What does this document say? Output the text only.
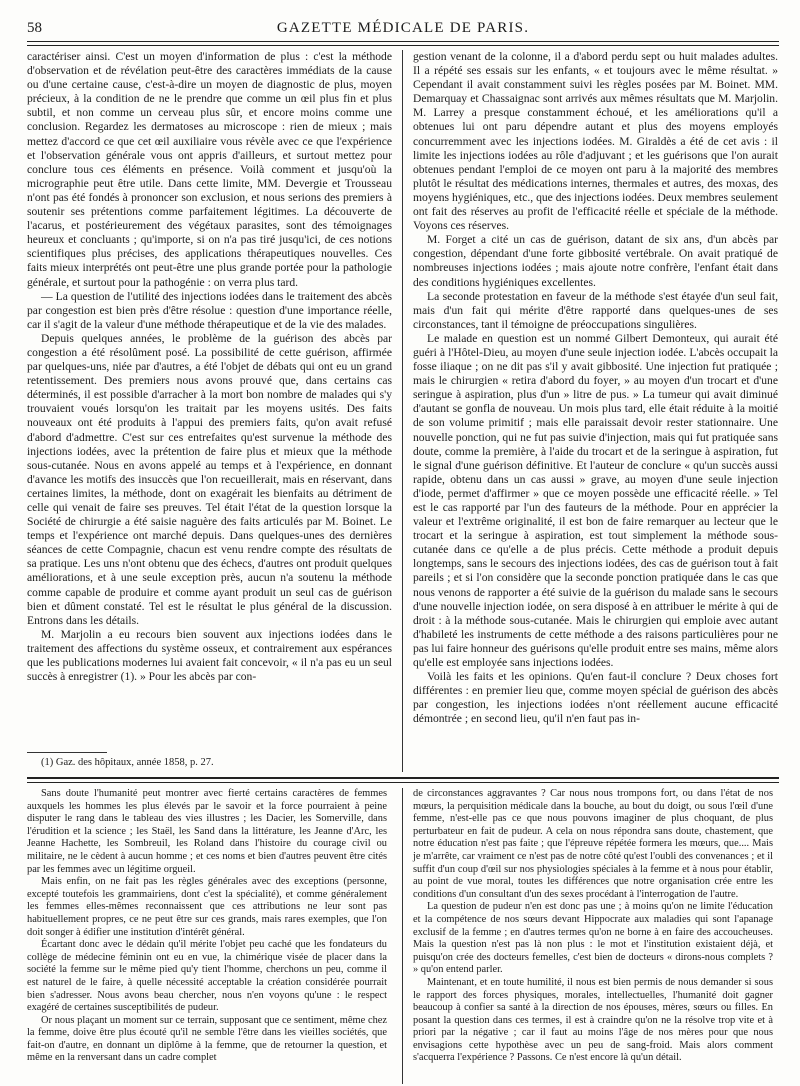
58	GAZETTE MÉDICALE DE PARIS.

caractériser ainsi. C'est un moyen d'information de plus : c'est la méthode d'observation et de révélation peut-être des caractères immédiats de la cause ou d'une certaine cause, c'est-à-dire un moyen de diagnostic de plus, moyen précieux, à la condition de ne le prendre que comme un œil plus fin et plus subtil, et non comme un cerveau plus sûr, et encore moins comme une conclusion. Regardez les dermatoses au microscope : rien de mieux ; mais mettez d'accord ce que cet œil auxiliaire vous révèle avec ce que l'expérience et l'observation générale vous ont appris d'ailleurs, et surtout mettez pour conclure tous ces éléments en présence. Voilà comment et jusqu'où la micrographie peut être utile. Dans cette limite, MM. Devergie et Trousseau n'ont pas été fondés à prononcer son exclusion, et nous serions des premiers à soutenir ses prétentions comme parfaitement légitimes. La découverte de l'acarus, et postérieurement des végétaux parasites, sont des témoignages heureux et concluants ; qu'importe, si on n'a pas tiré jusqu'ici, de ces notions scientifiques plus précises, des applications thérapeutiques nouvelles. Ces faits mieux interprétés ont peut-être une plus grande portée pour la pathologie générale, et surtout pour la pathogénie : on verra plus tard.

— La question de l'utilité des injections iodées dans le traitement des abcès par congestion est bien près d'être résolue : question d'une importance réelle, car il s'agit de la valeur d'une méthode thérapeutique et de la vie des malades.

Depuis quelques années, le problème de la guérison des abcès par congestion a été résolûment posé. La possibilité de cette guérison, affirmée par quelques-uns, niée par d'autres, a été l'objet de débats qui ont eu un grand retentissement. Des premiers nous avons prouvé que, dans certains cas déterminés, il est possible d'arracher à la mort bon nombre de malades qui s'y trouvaient voués lorsqu'on les traitait par les moyens usités. Des faits nouveaux ont été produits à l'appui des premiers faits, qu'on avait refusé d'abord d'admettre. C'est sur ces entrefaites qu'est survenue la méthode des injections iodées, avec la prétention de faire plus et mieux que la méthode sous-cutanée. Nous en avons appelé au temps et à l'expérience, en donnant d'avance les motifs des insuccès que l'on recueillerait, mais en réservant, dans certaines limites, la méthode, dont on exagérait les bienfaits au détriment de celle qui venait de faire ses preuves. Tel était l'état de la question lorsque la Société de chirurgie a été saisie naguère des faits articulés par M. Boinet. Le temps et l'expérience ont marché depuis. Dans quelques-unes des dernières séances de cette Compagnie, chacun est venu rendre compte des résultats de sa pratique. Les uns n'ont obtenu que des échecs, d'autres ont produit quelques améliorations, et à une seule exception près, aucun n'a soutenu la méthode comme capable de produire et comme ayant produit un seul cas de guérison bien et dûment constaté. Tel est le résultat le plus général de la discussion. Entrons dans les détails.

M. Marjolin a eu recours bien souvent aux injections iodées dans le traitement des affections du système osseux, et contrairement aux espérances que les publications modernes lui avaient fait concevoir, « il n'a pas eu un seul succès à enregistrer (1). » Pour les abcès par con-

gestion venant de la colonne, il a d'abord perdu sept ou huit malades adultes. Il a répété ses essais sur les enfants, « et toujours avec le même résultat. » Cependant il avait constamment suivi les règles posées par M. Boinet. MM. Demarquay et Chassaignac sont arrivés aux mêmes résultats que M. Marjolin. M. Larrey a presque constamment échoué, et les améliorations qu'il a obtenues lui ont paru dépendre autant et plus des moyens employés concurremment avec les injections iodées. M. Giraldès a été de cet avis : il limite les injections iodées au rôle d'adjuvant ; et les guérisons que l'on aurait obtenues pendant l'emploi de ce moyen ont paru à la majorité des membres plutôt le résultat des médications internes, thermales et autres, des moxas, des moyens hygiéniques, etc., que des injections iodées. Deux membres seulement ont fait des réserves au profit de l'efficacité réelle et spéciale de la méthode. Voyons ces réserves.

M. Forget a cité un cas de guérison, datant de six ans, d'un abcès par congestion, dépendant d'une forte gibbosité vertébrale. On avait pratiqué de nombreuses injections iodées ; mais ajoute notre confrère, l'enfant était dans des conditions hygiéniques excellentes.

La seconde protestation en faveur de la méthode s'est étayée d'un seul fait, mais d'un fait qui mérite d'être rapporté dans quelques-unes de ses circonstances, tant il témoigne de préoccupations singulières.

Le malade en question est un nommé Gilbert Demonteux, qui aurait été guéri à l'Hôtel-Dieu, au moyen d'une seule injection iodée. L'abcès occupait la fosse iliaque ; on ne dit pas s'il y avait gibbosité. Une injection fut pratiquée ; mais le chirurgien « retira d'abord du foyer, » au moyen d'un trocart et d'une seringue à aspiration, plus d'un » litre de pus. » La tumeur qui avait diminué d'autant se gonfla de nouveau. Un mois plus tard, elle était réduite à la moitié de son volume primitif ; mais elle paraissait devoir rester stationnaire. Une nouvelle ponction, qui ne fut pas suivie d'injection, mais qui fut pratiquée sans doute, comme la première, à l'aide du trocart et de la seringue à aspiration, fut le signal d'une guérison définitive. Et l'auteur de conclure « qu'un succès aussi rapide, obtenu dans un cas aussi » grave, au moyen d'une seule injection d'iode, permet d'affirmer » que ce moyen possède une efficacité réelle. » Tel est le cas rapporté par l'un des fauteurs de la méthode. Pour en apprécier la valeur et l'extrême originalité, il est bon de faire remarquer au lecteur que le trocart et la seringue à aspiration, est tout simplement la méthode sous-cutanée dans ce qu'elle a de plus précis. Cette méthode a produit depuis longtemps, sans le secours des injections iodées, des cas de guérison tout à fait pareils ; et si l'on considère que la seconde ponction pratiquée dans le cas que nous venons de rapporter a été suivie de la guérison du malade sans le secours d'une nouvelle injection iodée, on sera disposé à en attribuer le mérite à qui de droit : à la méthode sous-cutanée. Mais le chirurgien qui emploie avec autant d'habileté les instruments de cette méthode a des raisons particulières pour ne pas lui faire honneur des guérisons qu'elle produit entre ses mains, même alors qu'elle est employée sans injections iodées.

Voilà les faits et les opinions. Qu'en faut-il conclure ? Deux choses fort différentes : en premier lieu que, comme moyen spécial de guérison des abcès par congestion, les injections iodées n'ont réellement aucune efficacité démontrée ; en second lieu, qu'il n'en faut pas in-

(1) Gaz. des hôpitaux, année 1858, p. 27.

Sans doute l'humanité peut montrer avec fierté certains caractères de femmes auxquels les hommes les plus élevés par le savoir et la force pourraient à peine disputer le rang dans le tableau des vies illustres ; les Dacier, les Somerville, dans l'érudition et la science ; les Staël, les Sand dans la littérature, les Jeanne d'Arc, les Jeanne Hachette, les Sombreuil, les Roland dans l'histoire du courage civil ou militaire, ne le cèdent à aucun homme ; et ces noms et bien d'autres peuvent être cités par les femmes avec un légitime orgueil.

Mais enfin, on ne fait pas les règles générales avec des exceptions (personne, excepté toutefois les grammairiens, dont c'est la spécialité), et comme généralement les femmes elles-mêmes reconnaissent que ces attributions ne leur sont pas habituellement propres, ce ne peut être sur ces grands, mais rares exemples, que l'on doit songer à édifier une institution d'intérêt général.

Écartant donc avec le dédain qu'il mérite l'objet peu caché que les fondateurs du collège de médecine féminin ont eu en vue, la chimérique visée de placer dans la société la femme sur le même pied qu'y tient l'homme, cherchons un peu, comme il est naturel de le faire, à quelle nécessité acceptable la création considérée pourrait bien s'adresser. Nous avons beau chercher, nous n'en voyons qu'une : le respect exagéré de certaines susceptibilités de pudeur.

Or nous plaçant un moment sur ce terrain, supposant que ce sentiment, même chez la femme, doive être plus écouté qu'il ne semble l'être dans les vieilles sociétés, que fait-on d'autre, en donnant un diplôme à la femme, que de retourner la question, et même en la renversant dans un cadre complet

de circonstances aggravantes ? Car nous nous trompons fort, ou dans l'état de nos mœurs, la perquisition médicale dans la bouche, au bout du doigt, ou sous l'œil d'une femme, n'est-elle pas ce que nous pouvons imaginer de plus choquant, de plus perturbateur en fait de pudeur. A cela on nous répondra sans doute, chastement, que notre éducation n'est pas faite ; que l'épreuve répétée formera les mœurs, que.... Mais je m'arrête, car vraiment ce n'est pas de notre côté qu'est l'oubli des convenances ; et il suffit d'un coup d'œil sur nos physiologies spéciales à la femme et à nous pour établir, au point de vue moral, toutes les différences que notre organisation crée entre les conditions d'un consultant d'un des sexes procédant à l'interrogation de l'autre.

La question de pudeur n'en est donc pas une ; à moins qu'on ne limite l'éducation et la compétence de nos sœurs devant Hippocrate aux maladies qui sont l'apanage exclusif de la femme ; en d'autres termes qu'on ne borne à en faire des accoucheuses. Mais la question n'est pas là non plus : le mot et l'institution existaient déjà, et puisqu'on crée des docteurs femelles, c'est bien de docteurs « dirons-nous complets ? » qu'on entend parler.

Maintenant, et en toute humilité, il nous est bien permis de nous demander si sous le rapport des forces physiques, morales, intellectuelles, l'humanité doit gagner beaucoup à confier sa santé à la direction de nos épouses, mères, sœurs ou filles. En posant la question dans ces termes, il est à craindre qu'on ne la résolve trop vite et à priori par la négative ; car il faut au moins l'âge de nos mères pour que nous envisagions cette hypothèse avec un peu de sang-froid. Mais alors comment s'acquerra l'expérience ? Passons. Ce n'est encore là qu'un détail.
